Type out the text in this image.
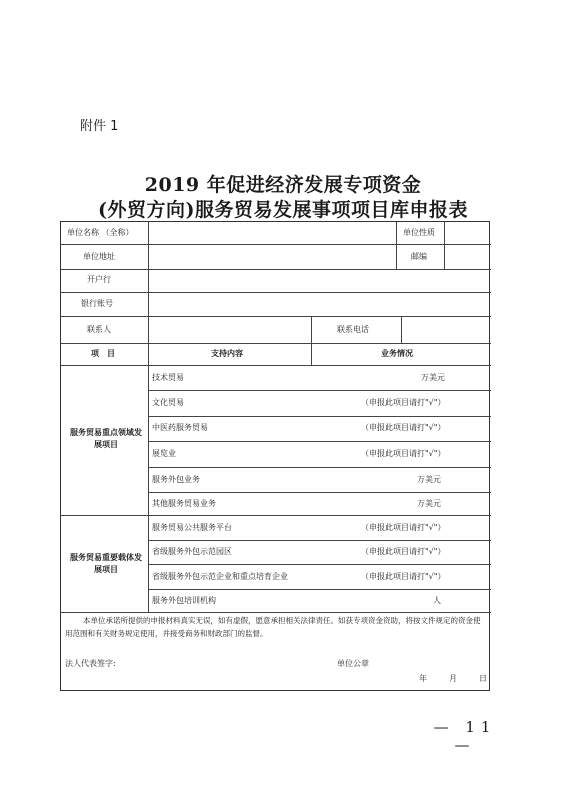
附件 1
2019 年促进经济发展专项资金
(外贸方向)服务贸易发展事项项目库申报表
单位名称 （全称）	单位性质
单位地址	邮编
开户行
银行账号
联系人	联系电话
项　目	支持内容	业务情况
服务贸易重点领域发展项目
技术贸易	万美元
文化贸易	（申报此项目请打"√"）
中医药服务贸易	（申报此项目请打"√"）
展览业	（申报此项目请打"√"）
服务外包业务	万美元
其他服务贸易业务	万美元
服务贸易重要载体发展项目
服务贸易公共服务平台	（申报此项目请打"√"）
省级服务外包示范园区	（申报此项目请打"√"）
省级服务外包示范企业和重点培育企业	（申报此项目请打"√"）
服务外包培训机构	人
本单位承诺所提供的申报材料真实无误，如有虚假，愿意承担相关法律责任。如获专项资金资助，将按文件规定的资金使用范围和有关财务规定使用，并接受商务和财政部门的监督。
法人代表签字:	单位公章
年	月	日
— 11 —
